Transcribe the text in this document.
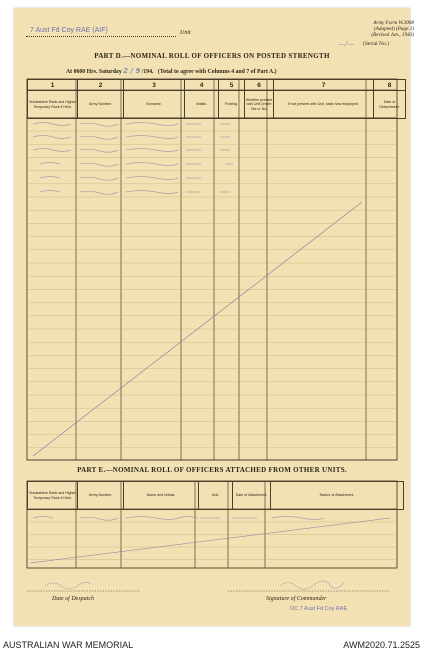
7 Aust Fd Coy RAE (AIF)	Unit
Army Form W.3008
(Adapted) (Page 2)
(Revised Jan., 1943)
—/— (Serial No.)
PART D.—NOMINAL ROLL OF OFFICERS ON POSTED STRENGTH
At 0600 Hrs. Saturday 2 / 9 /194. (Total to agree with Columns 4 and 7 of Part A.)
1	2	3	4	5	6	7	8
Substantive Rank and Higher Temporary Rank if Held.	Army Number.	Surname.	Initials.	Posting.	Whether present with Unit (Insert Yes or No)	If not present with Unit, state how employed.	Date of Detachment.
PART E.—NOMINAL ROLL OF OFFICERS ATTACHED FROM OTHER UNITS.
Substantive Rank and Higher Temporary Rank if Held.	Army Number.	Name and Initials.	Unit.	Date of Attachment.	Nature of Attachment.
Date of Despatch	Signature of Commander
OC 7 Aust Fd Coy RAE
AUSTRALIAN WAR MEMORIAL	AWM2020.71.2525
